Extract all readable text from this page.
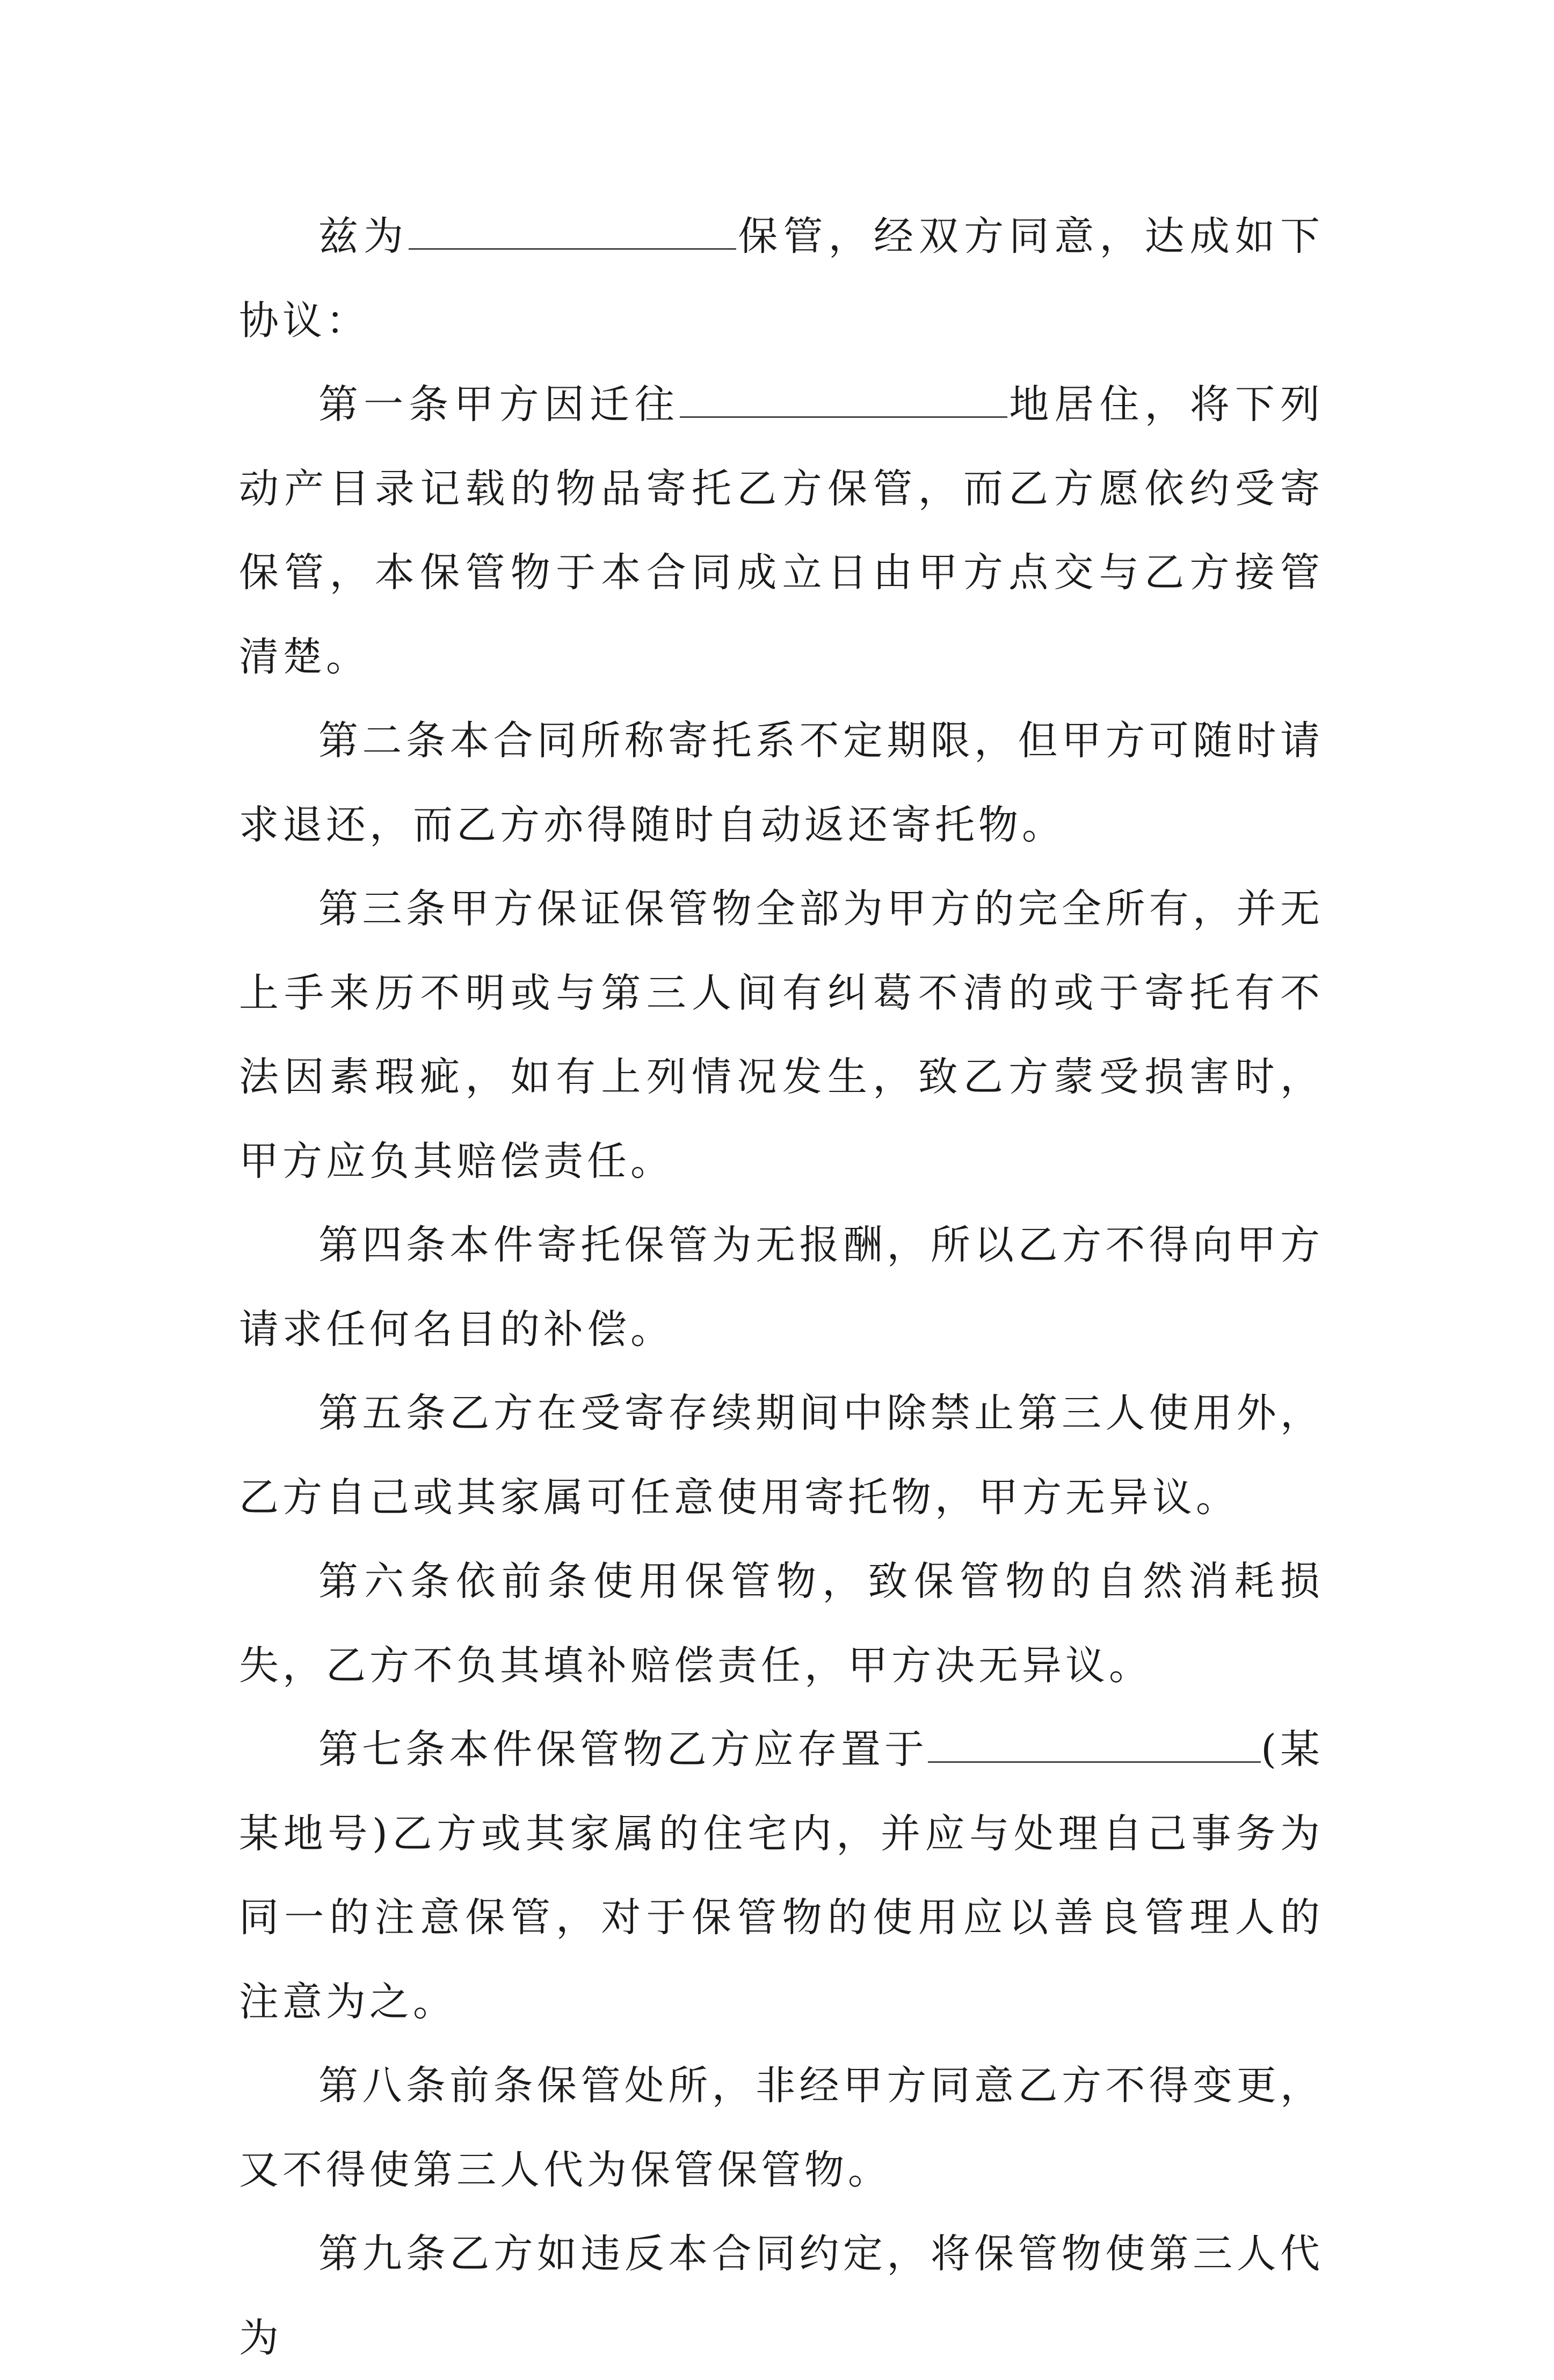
兹为	保管，经双方同意，达成如下协议：

第一条甲方因迁往	地居住，将下列动产目录记载的物品寄托乙方保管，而乙方愿依约受寄保管，本保管物于本合同成立日由甲方点交与乙方接管清楚。

第二条本合同所称寄托系不定期限，但甲方可随时请求退还，而乙方亦得随时自动返还寄托物。

第三条甲方保证保管物全部为甲方的完全所有，并无上手来历不明或与第三人间有纠葛不清的或于寄托有不法因素瑕疵，如有上列情况发生，致乙方蒙受损害时，甲方应负其赔偿责任。

第四条本件寄托保管为无报酬，所以乙方不得向甲方请求任何名目的补偿。

第五条乙方在受寄存续期间中除禁止第三人使用外，乙方自己或其家属可任意使用寄托物，甲方无异议。

第六条依前条使用保管物，致保管物的自然消耗损失，乙方不负其填补赔偿责任，甲方决无异议。

第七条本件保管物乙方应存置于	(某某地号)乙方或其家属的住宅内，并应与处理自己事务为同一的注意保管，对于保管物的使用应以善良管理人的注意为之。

第八条前条保管处所，非经甲方同意乙方不得变更，又不得使第三人代为保管保管物。

第九条乙方如违反本合同约定，将保管物使第三人代为
